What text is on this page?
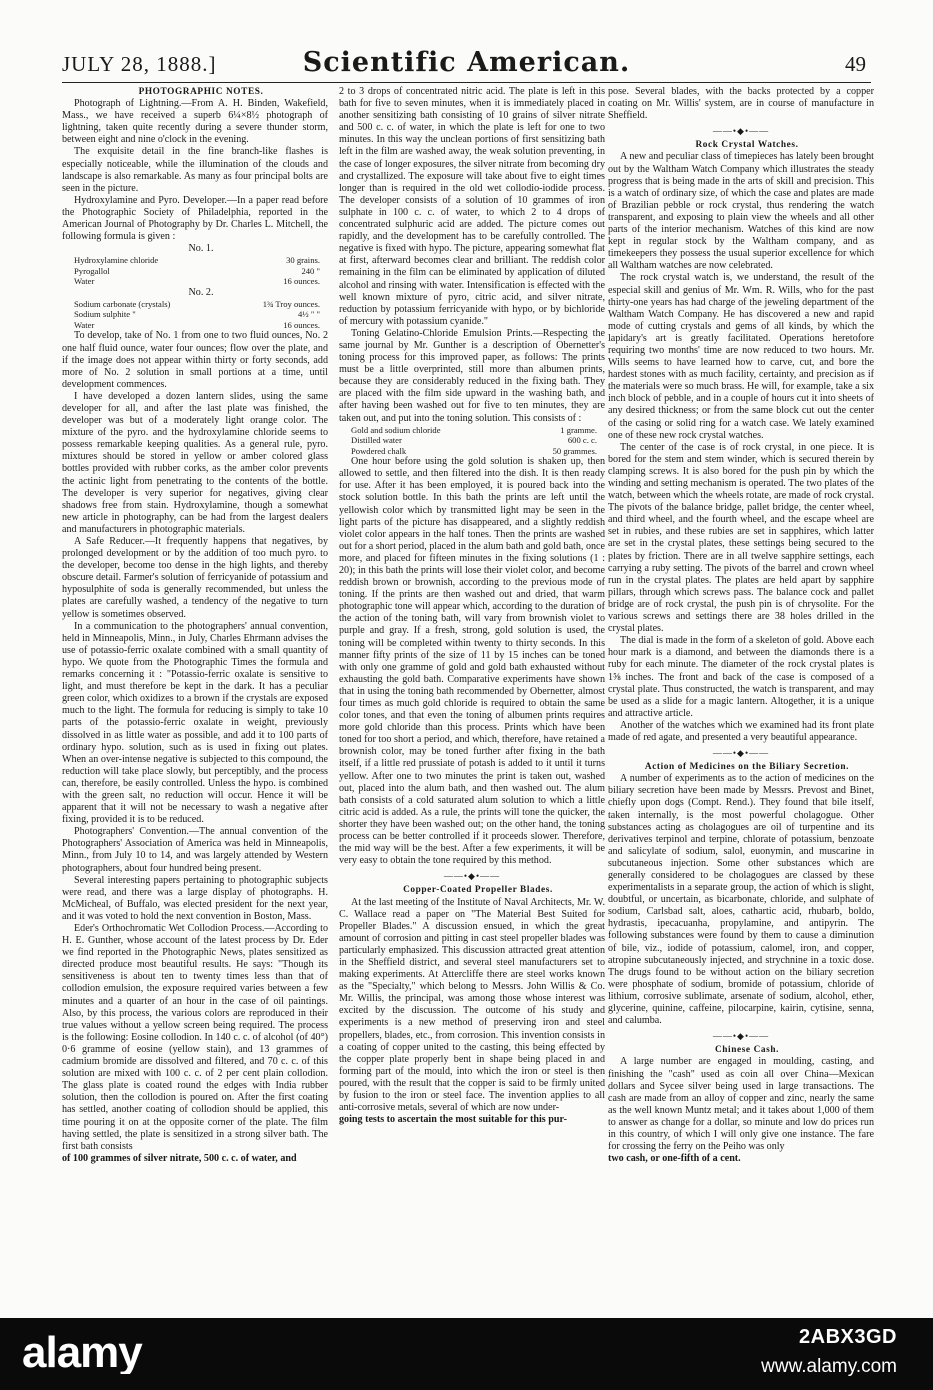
JULY 28, 1888.]	Scientific American.	49

PHOTOGRAPHIC NOTES.

Photograph of Lightning.—From A. H. Binden, Wakefield, Mass., we have received a superb 6¼×8½ photograph of lightning, taken quite recently during a severe thunder storm, between eight and nine o'clock in the evening.

The exquisite detail in the fine branch-like flashes is especially noticeable, while the illumination of the clouds and landscape is also remarkable. As many as four principal bolts are seen in the picture.

Hydroxylamine and Pyro. Developer.—In a paper read before the Photographic Society of Philadelphia, reported in the American Journal of Photography by Dr. Charles L. Mitchell, the following formula is given :

No. 1.

Hydroxylamine chloride	30 grains.
Pyrogallol	240 "
Water	16 ounces.

No. 2.

Sodium carbonate (crystals)	1¾ Troy ounces.
Sodium sulphite "	4½ " "
Water	16 ounces.

To develop, take of No. 1 from one to two fluid ounces, No. 2 one half fluid ounce, water four ounces; flow over the plate, and if the image does not appear within thirty or forty seconds, add more of No. 2 solution in small portions at a time, until development commences.

I have developed a dozen lantern slides, using the same developer for all, and after the last plate was finished, the developer was but of a moderately light orange color. The mixture of the pyro. and the hydroxylamine chloride seems to possess remarkable keeping qualities. As a general rule, pyro. mixtures should be stored in yellow or amber colored glass bottles provided with rubber corks, as the amber color prevents the actinic light from penetrating to the contents of the bottle. The developer is very superior for negatives, giving clear shadows free from stain. Hydroxylamine, though a somewhat new article in photography, can be had from the largest dealers and manufacturers in photographic materials.

A Safe Reducer.—It frequently happens that negatives, by prolonged development or by the addition of too much pyro. to the developer, become too dense in the high lights, and thereby obscure detail. Farmer's solution of ferricyanide of potassium and hyposulphite of soda is generally recommended, but unless the plates are carefully washed, a tendency of the negative to turn yellow is sometimes observed.

In a communication to the photographers' annual convention, held in Minneapolis, Minn., in July, Charles Ehrmann advises the use of potassio-ferric oxalate combined with a small quantity of hypo. We quote from the Photographic Times the formula and remarks concerning it : "Potassio-ferric oxalate is sensitive to light, and must therefore be kept in the dark. It has a peculiar green color, which oxidizes to a brown if the crystals are exposed much to the light. The formula for reducing is simply to take 10 parts of the potassio-ferric oxalate in weight, previously dissolved in as little water as possible, and add it to 100 parts of ordinary hypo. solution, such as is used in fixing out plates. When an over-intense negative is subjected to this compound, the reduction will take place slowly, but perceptibly, and the process can, therefore, be easily controlled. Unless the hypo. is combined with the green salt, no reduction will occur. Hence it will be apparent that it will not be necessary to wash a negative after fixing, provided it is to be reduced.

Photographers' Convention.—The annual convention of the Photographers' Association of America was held in Minneapolis, Minn., from July 10 to 14, and was largely attended by Western photographers, about four hundred being present.

Several interesting papers pertaining to photographic subjects were read, and there was a large display of photographs. H. McMicheal, of Buffalo, was elected president for the next year, and it was voted to hold the next convention in Boston, Mass.

Eder's Orthochromatic Wet Collodion Process.—According to H. E. Gunther, whose account of the latest process by Dr. Eder we find reported in the Photographic News, plates sensitized as directed produce most beautiful results. He says: "Though its sensitiveness is about ten to twenty times less than that of collodion emulsion, the exposure required varies between a few minutes and a quarter of an hour in the case of oil paintings. Also, by this process, the various colors are reproduced in their true values without a yellow screen being required. The process is the following: Eosine collodion. In 140 c. c. of alcohol (of 40°) 0·6 gramme of eosine (yellow stain), and 13 grammes of cadmium bromide are dissolved and filtered, and 70 c. c. of this solution are mixed with 100 c. c. of 2 per cent plain collodion. The glass plate is coated round the edges with India rubber solution, then the collodion is poured on. After the first coating has settled, another coating of collodion should be applied, this time pouring it on at the opposite corner of the plate. The film having settled, the plate is sensitized in a strong silver bath. The first bath consists

of 100 grammes of silver nitrate, 500 c. c. of water, and

2 to 3 drops of concentrated nitric acid. The plate is left in this bath for five to seven minutes, when it is immediately placed in another sensitizing bath consisting of 10 grains of silver nitrate and 500 c. c. of water, in which the plate is left for one to two minutes. In this way the unclean portions of first sensitizing bath left in the film are washed away, the weak solution preventing, in the case of longer exposures, the silver nitrate from becoming dry and crystallized. The exposure will take about five to eight times longer than is required in the old wet collodio-iodide process. The developer consists of a solution of 10 grammes of iron sulphate in 100 c. c. of water, to which 2 to 4 drops of concentrated sulphuric acid are added. The picture comes out rapidly, and the development has to be carefully controlled. The negative is fixed with hypo. The picture, appearing somewhat flat at first, afterward becomes clear and brilliant. The reddish color remaining in the film can be eliminated by application of diluted alcohol and rinsing with water. Intensification is effected with the well known mixture of pyro, citric acid, and silver nitrate, reduction by potassium ferricyanide with hypo, or by bichloride of mercury with potassium cyanide."

Toning Gelatino-Chloride Emulsion Prints.—Respecting the same journal by Mr. Gunther is a description of Obernetter's toning process for this improved paper, as follows: The prints must be a little overprinted, still more than albumen prints, because they are considerably reduced in the fixing bath. They are placed with the film side upward in the washing bath, and after having been washed out for five to ten minutes, they are taken out, and put into the toning solution. This consists of :

Gold and sodium chloride	1 gramme.
Distilled water	600 c. c.
Powdered chalk	50 grammes.

One hour before using the gold solution is shaken up, then allowed to settle, and then filtered into the dish. It is then ready for use. After it has been employed, it is poured back into the stock solution bottle. In this bath the prints are left until the yellowish color which by transmitted light may be seen in the light parts of the picture has disappeared, and a slightly reddish violet color appears in the half tones. Then the prints are washed out for a short period, placed in the alum bath and gold bath, once more, and placed for fifteen minutes in the fixing solutions (1 : 20); in this bath the prints will lose their violet color, and become reddish brown or brownish, according to the previous mode of toning. If the prints are then washed out and dried, that warm photographic tone will appear which, according to the duration of the action of the toning bath, will vary from brownish violet to purple and gray. If a fresh, strong, gold solution is used, the toning will be completed within twenty to thirty seconds. In this manner fifty prints of the size of 11 by 15 inches can be toned with only one gramme of gold and gold bath exhausted without exhausting the gold bath. Comparative experiments have shown that in using the toning bath recommended by Obernetter, almost four times as much gold chloride is required to obtain the same color tones, and that even the toning of albumen prints requires more gold chloride than this process. Prints which have been toned for too short a period, and which, therefore, have retained a brownish color, may be toned further after fixing in the bath itself, if a little red prussiate of potash is added to it until it turns yellow. After one to two minutes the print is taken out, washed out, placed into the alum bath, and then washed out. The alum bath consists of a cold saturated alum solution to which a little citric acid is added. As a rule, the prints will tone the quicker, the shorter they have been washed out; on the other hand, the toning process can be better controlled if it proceeds slower. Therefore, the mid way will be the best. After a few experiments, it will be very easy to obtain the tone required by this method.

——•◆•——

Copper-Coated Propeller Blades.

At the last meeting of the Institute of Naval Architects, Mr. W. C. Wallace read a paper on "The Material Best Suited for Propeller Blades." A discussion ensued, in which the great amount of corrosion and pitting in cast steel propeller blades was particularly emphasized. This discussion attracted great attention in the Sheffield district, and several steel manufacturers set to making experiments. At Attercliffe there are steel works known as the "Specialty," which belong to Messrs. John Willis & Co. Mr. Willis, the principal, was among those whose interest was excited by the discussion. The outcome of his study and experiments is a new method of preserving iron and steel propellers, blades, etc., from corrosion. This invention consists in a coating of copper united to the casting, this being effected by the copper plate properly bent in shape being placed in and forming part of the mould, into which the iron or steel is then poured, with the result that the copper is said to be firmly united by fusion to the iron or steel face. The invention applies to all anti-corrosive metals, several of which are now under-

going tests to ascertain the most suitable for this pur-

pose. Several blades, with the backs protected by a copper coating on Mr. Willis' system, are in course of manufacture in Sheffield.

——•◆•——

Rock Crystal Watches.

A new and peculiar class of timepieces has lately been brought out by the Waltham Watch Company which illustrates the steady progress that is being made in the arts of skill and precision. This is a watch of ordinary size, of which the case and plates are made of Brazilian pebble or rock crystal, thus rendering the watch transparent, and exposing to plain view the wheels and all other parts of the interior mechanism. Watches of this kind are now kept in regular stock by the Waltham company, and as timekeepers they possess the usual superior excellence for which all Waltham watches are now celebrated.

The rock crystal watch is, we understand, the result of the especial skill and genius of Mr. Wm. R. Wills, who for the past thirty-one years has had charge of the jeweling department of the Waltham Watch Company. He has discovered a new and rapid mode of cutting crystals and gems of all kinds, by which the lapidary's art is greatly facilitated. Operations heretofore requiring two months' time are now reduced to two hours. Mr. Wills seems to have learned how to carve, cut, and bore the hardest stones with as much facility, certainty, and precision as if the materials were so much brass. He will, for example, take a six inch block of pebble, and in a couple of hours cut it into sheets of any desired thickness; or from the same block cut out the center of the casing or solid ring for a watch case. We lately examined one of these new rock crystal watches.

The center of the case is of rock crystal, in one piece. It is bored for the stem and stem winder, which is secured therein by clamping screws. It is also bored for the push pin by which the winding and setting mechanism is operated. The two plates of the watch, between which the wheels rotate, are made of rock crystal. The pivots of the balance bridge, pallet bridge, the center wheel, and third wheel, and the fourth wheel, and the escape wheel are set in rubies, and these rubies are set in sapphires, which latter are set in the crystal plates, these settings being secured to the plates by friction. There are in all twelve sapphire settings, each carrying a ruby setting. The pivots of the barrel and crown wheel run in the crystal plates. The plates are held apart by sapphire pillars, through which screws pass. The balance cock and pallet bridge are of rock crystal, the push pin is of chrysolite. For the various screws and settings there are 38 holes drilled in the crystal plates.

The dial is made in the form of a skeleton of gold. Above each hour mark is a diamond, and between the diamonds there is a ruby for each minute. The diameter of the rock crystal plates is 1⅝ inches. The front and back of the case is composed of a crystal plate. Thus constructed, the watch is transparent, and may be used as a slide for a magic lantern. Altogether, it is a unique and attractive article.

Another of the watches which we examined had its front plate made of red agate, and presented a very beautiful appearance.

——•◆•——

Action of Medicines on the Biliary Secretion.

A number of experiments as to the action of medicines on the biliary secretion have been made by Messrs. Prevost and Binet, chiefly upon dogs (Compt. Rend.). They found that bile itself, taken internally, is the most powerful cholagogue. Other substances acting as cholagogues are oil of turpentine and its derivatives terpinol and terpine, chlorate of potassium, benzoate and salicylate of sodium, salol, euonymin, and muscarine in subcutaneous injection. Some other substances which are generally considered to be cholagogues are classed by these experimentalists in a separate group, the action of which is slight, doubtful, or uncertain, as bicarbonate, chloride, and sulphate of sodium, Carlsbad salt, aloes, cathartic acid, rhubarb, boldo, hydrastis, ipecacuanha, propylamine, and antipyrin. The following substances were found by them to cause a diminution of bile, viz., iodide of potassium, calomel, iron, and copper, atropine subcutaneously injected, and strychnine in a toxic dose. The drugs found to be without action on the biliary secretion were phosphate of sodium, bromide of potassium, chloride of lithium, corrosive sublimate, arsenate of sodium, alcohol, ether, glycerine, quinine, caffeine, pilocarpine, kairin, cytisine, senna, and calumba.

——•◆•——

Chinese Cash.

A large number are engaged in moulding, casting, and finishing the "cash" used as coin all over China—Mexican dollars and Sycee silver being used in large transactions. The cash are made from an alloy of copper and zinc, nearly the same as the well known Muntz metal; and it takes about 1,000 of them to answer as change for a dollar, so minute and low do prices run in this country, of which I will only give one instance. The fare for crossing the ferry on the Peiho was only

two cash, or one-fifth of a cent.

alamy	2ABX3GD
www.alamy.com
